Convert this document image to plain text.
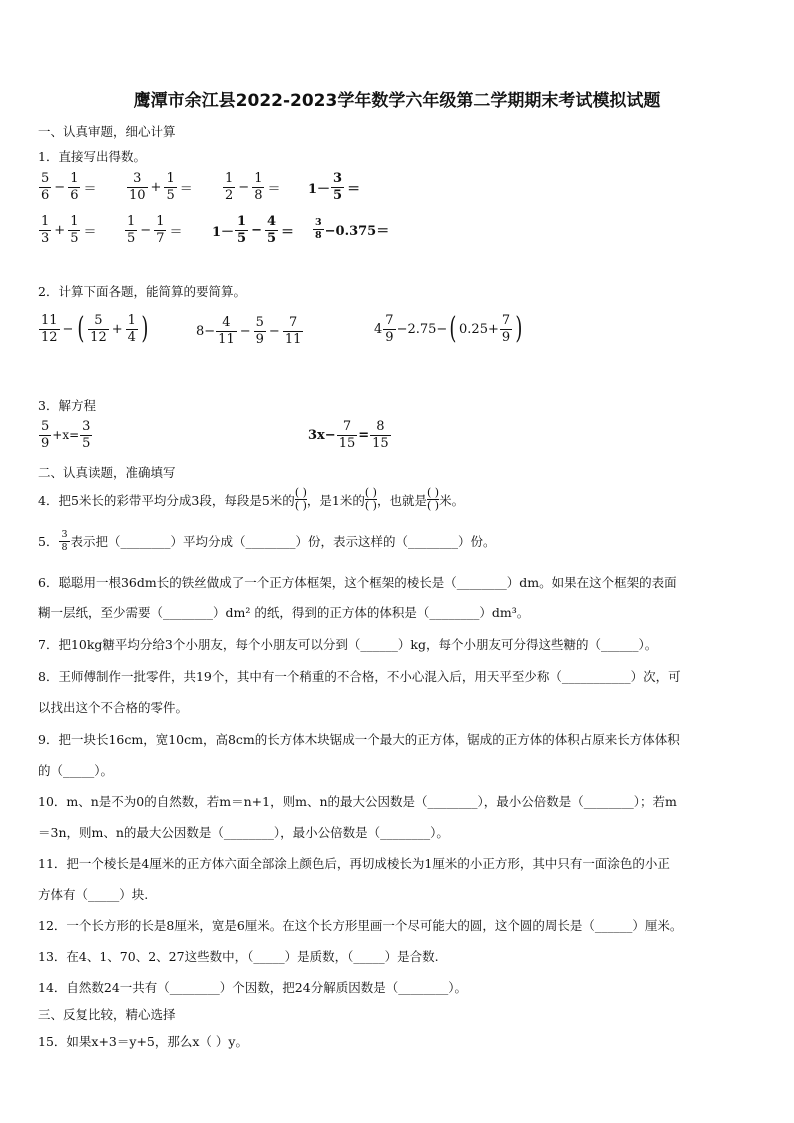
鹰潭市余江县2022-2023学年数学六年级第二学期期末考试模拟试题
一、认真审题，细心计算
1．直接写出得数。
$\frac{5}{6} - \frac{1}{6} = \frac{3}{10} + \frac{1}{5} = \frac{1}{2} - \frac{1}{8} = 1- \frac{3}{5}$ ＝
$\frac{1}{3} + \frac{1}{5} = \frac{1}{5} - \frac{1}{7} = 1- \frac{1}{5} - \frac{4}{5} = \frac{3}{8} -0.375=$
2．计算下面各题，能简算的要简算。
$\frac{11}{12}$ − ( $\frac{5}{12} + \frac{1}{4}$ )	$8- \frac{4}{11} - \frac{5}{9} - \frac{7}{11}$	$4 \frac{7}{9} -2.75-$ ( $0.25+ \frac{7}{9}$ )
3．解方程
$\frac{5}{9} +x= \frac{3}{5}$	$3x- \frac{7}{15} = \frac{8}{15}$
二、认真读题，准确填写
4．把5米长的彩带平均分成3段，每段是5米的
( )
( ) ，是1米的
( )
( ) ，也就是
( )
( ) 米。
5． $\frac{3}{8}$ 表示把（________）平均分成（________）份，表示这样的（________）份。
6．聪聪用一根36dm长的铁丝做成了一个正方体框架，这个框架的棱长是（________）dm。如果在这个框架的表面
糊一层纸，至少需要（________）dm² 的纸，得到的正方体的体积是（________）dm³。
7．把10kg糖平均分给3个小朋友，每个小朋友可以分到（______）kg，每个小朋友可分得这些糖的（______）。
8．王师傅制作一批零件，共19个，其中有一个稍重的不合格，不小心混入后，用天平至少称（___________）次，可
以找出这个不合格的零件。
9．把一块长16cm，宽10cm，高8cm的长方体木块锯成一个最大的正方体，锯成的正方体的体积占原来长方体体积
的（_____）。
10．m、n是不为0的自然数，若m＝n+1，则m、n的最大公因数是（________），最小公倍数是（________）；若m
＝3n，则m、n的最大公因数是（________），最小公倍数是（________）。
11．把一个棱长是4厘米的正方体六面全部涂上颜色后，再切成棱长为1厘米的小正方形，其中只有一面涂色的小正
方体有（_____）块.
12．一个长方形的长是8厘米，宽是6厘米。在这个长方形里画一个尽可能大的圆，这个圆的周长是（______）厘米。
13．在4、1、70、2、27这些数中，（_____）是质数，（_____）是合数.
14．自然数24一共有（________）个因数，把24分解质因数是（________）。
三、反复比较，精心选择
15．如果x+3＝y+5，那么x（ ）y。
